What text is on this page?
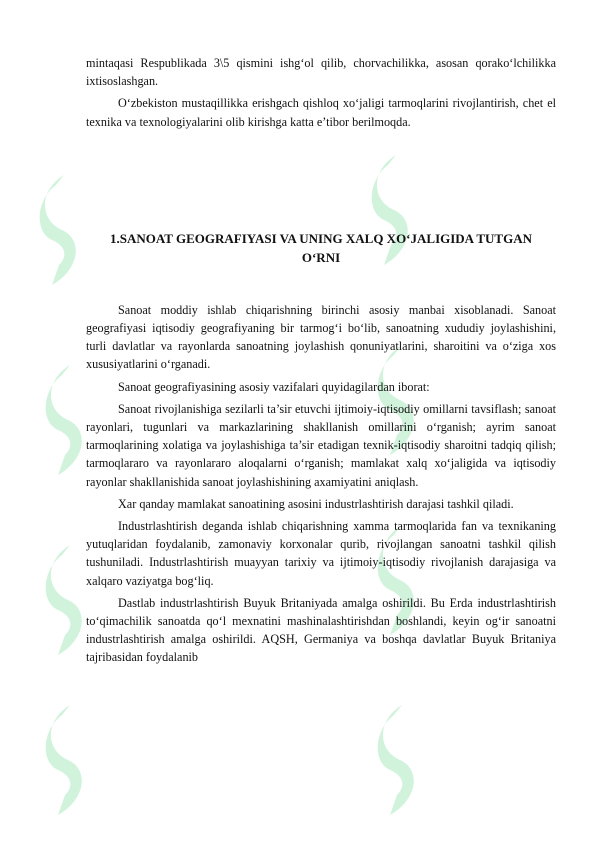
mintaqasi Respublikada 3\5 qismini ishg‘ol qilib, chorvachilikka, asosan qorako‘lchilikka ixtisoslashgan.

O‘zbekiston mustaqillikka erishgach qishloq xo‘jaligi tarmoqlarini rivojlantirish, chet el texnika va texnologiyalarini olib kirishga katta e’tibor berilmoqda.

1.SANOAT GEOGRAFIYASI VA UNING XALQ XO‘JALIGIDA TUTGAN

O‘RNI

Sanoat moddiy ishlab chiqarishning birinchi asosiy manbai xisoblanadi. Sanoat geografiyasi iqtisodiy geografiyaning bir tarmog‘i bo‘lib, sanoatning xududiy joylashishini, turli davlatlar va rayonlarda sanoatning joylashish qonuniyatlarini, sharoitini va o‘ziga xos xususiyatlarini o‘rganadi.

Sanoat geografiyasining asosiy vazifalari quyidagilardan iborat:

Sanoat rivojlanishiga sezilarli ta’sir etuvchi ijtimoiy-iqtisodiy omillarni tavsiflash; sanoat rayonlari, tugunlari va markazlarining shakllanish omillarini o‘rganish; ayrim sanoat tarmoqlarining xolatiga va joylashishiga ta’sir etadigan texnik-iqtisodiy sharoitni tadqiq qilish; tarmoqlararo va rayonlararo aloqalarni o‘rganish; mamlakat xalq xo‘jaligida va iqtisodiy rayonlar shakllanishida sanoat joylashishining axamiyatini aniqlash.

Xar qanday mamlakat sanoatining asosini industrlashtirish darajasi tashkil qiladi.

Industrlashtirish deganda ishlab chiqarishning xamma tarmoqlarida fan va texnikaning yutuqlaridan foydalanib, zamonaviy korxonalar qurib, rivojlangan sanoatni tashkil qilish tushuniladi. Industrlashtirish muayyan tarixiy va ijtimoiy-iqtisodiy rivojlanish darajasiga va xalqaro vaziyatga bog‘liq.

Dastlab industrlashtirish Buyuk Britaniyada amalga oshirildi. Bu Erda industrlashtirish to‘qimachilik sanoatda qo‘l mexnatini mashinalashtirishdan boshlandi, keyin og‘ir sanoatni industrlashtirish amalga oshirildi. AQSH, Germaniya va boshqa davlatlar Buyuk Britaniya tajribasidan foydalanib
